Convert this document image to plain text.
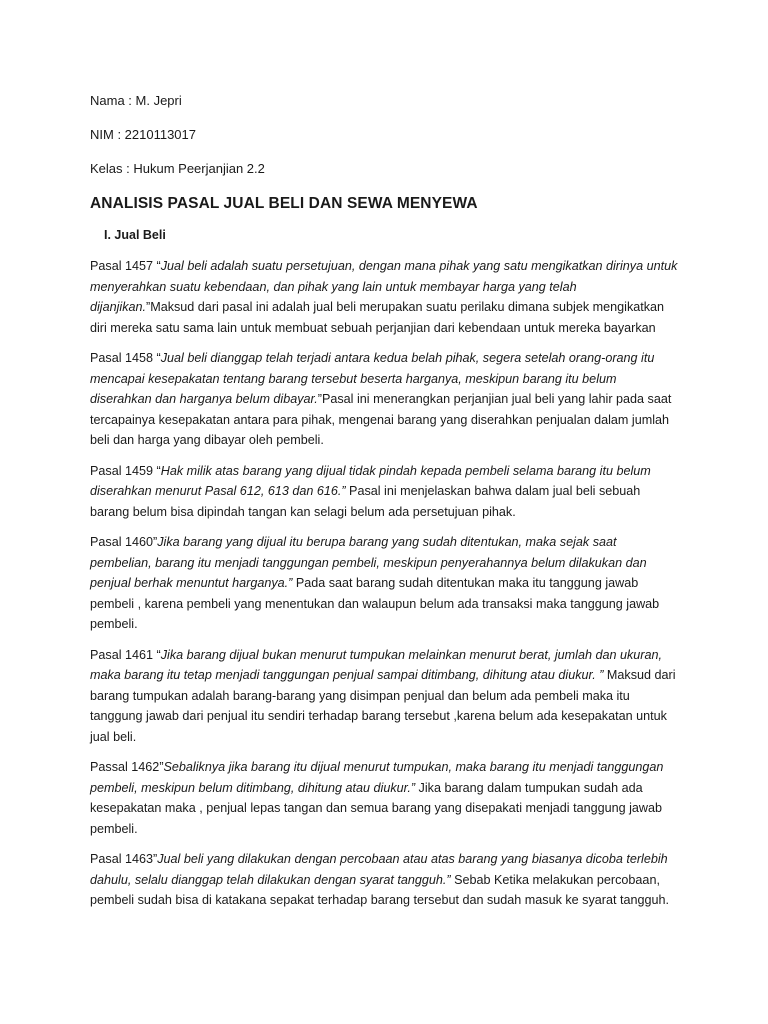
Nama : M. Jepri

NIM : 2210113017

Kelas : Hukum Peerjanjian 2.2

ANALISIS PASAL JUAL BELI DAN SEWA MENYEWA

I. Jual Beli

Pasal 1457 “Jual beli adalah suatu persetujuan, dengan mana pihak yang satu mengikatkan dirinya untuk menyerahkan suatu kebendaan, dan pihak yang lain untuk membayar harga yang telah dijanjikan.”Maksud dari pasal ini adalah jual beli merupakan suatu perilaku dimana subjek mengikatkan diri mereka satu sama lain untuk membuat sebuah perjanjian dari kebendaan untuk mereka bayarkan

Pasal 1458 “Jual beli dianggap telah terjadi antara kedua belah pihak, segera setelah orang-orang itu mencapai kesepakatan tentang barang tersebut beserta harganya, meskipun barang itu belum diserahkan dan harganya belum dibayar.”Pasal ini menerangkan perjanjian jual beli yang lahir pada saat tercapainya kesepakatan antara para pihak, mengenai barang yang diserahkan penjualan dalam jumlah beli dan harga yang dibayar oleh pembeli.

Pasal 1459 “Hak milik atas barang yang dijual tidak pindah kepada pembeli selama barang itu belum diserahkan menurut Pasal 612, 613 dan 616.” Pasal ini menjelaskan bahwa dalam jual beli sebuah barang belum bisa dipindah tangan kan selagi belum ada persetujuan pihak.

Pasal 1460”Jika barang yang dijual itu berupa barang yang sudah ditentukan, maka sejak saat pembelian, barang itu menjadi tanggungan pembeli, meskipun penyerahannya belum dilakukan dan penjual berhak menuntut harganya.” Pada saat barang sudah ditentukan maka itu tanggung jawab pembeli , karena pembeli yang menentukan dan walaupun belum ada transaksi maka tanggung jawab pembeli.

Pasal 1461 “Jika barang dijual bukan menurut tumpukan melainkan menurut berat, jumlah dan ukuran, maka barang itu tetap menjadi tanggungan penjual sampai ditimbang, dihitung atau diukur. ” Maksud dari barang tumpukan adalah barang-barang yang disimpan penjual dan belum ada pembeli maka itu tanggung jawab dari penjual itu sendiri terhadap barang tersebut ,karena belum ada kesepakatan untuk jual beli.

Passal 1462”Sebaliknya jika barang itu dijual menurut tumpukan, maka barang itu menjadi tanggungan pembeli, meskipun belum ditimbang, dihitung atau diukur.” Jika barang dalam tumpukan sudah ada kesepakatan maka , penjual lepas tangan dan semua barang yang disepakati menjadi tanggung jawab pembeli.

Pasal 1463”Jual beli yang dilakukan dengan percobaan atau atas barang yang biasanya dicoba terlebih dahulu, selalu dianggap telah dilakukan dengan syarat tangguh.” Sebab Ketika melakukan percobaan, pembeli sudah bisa di katakana sepakat terhadap barang tersebut dan sudah masuk ke syarat tangguh.
